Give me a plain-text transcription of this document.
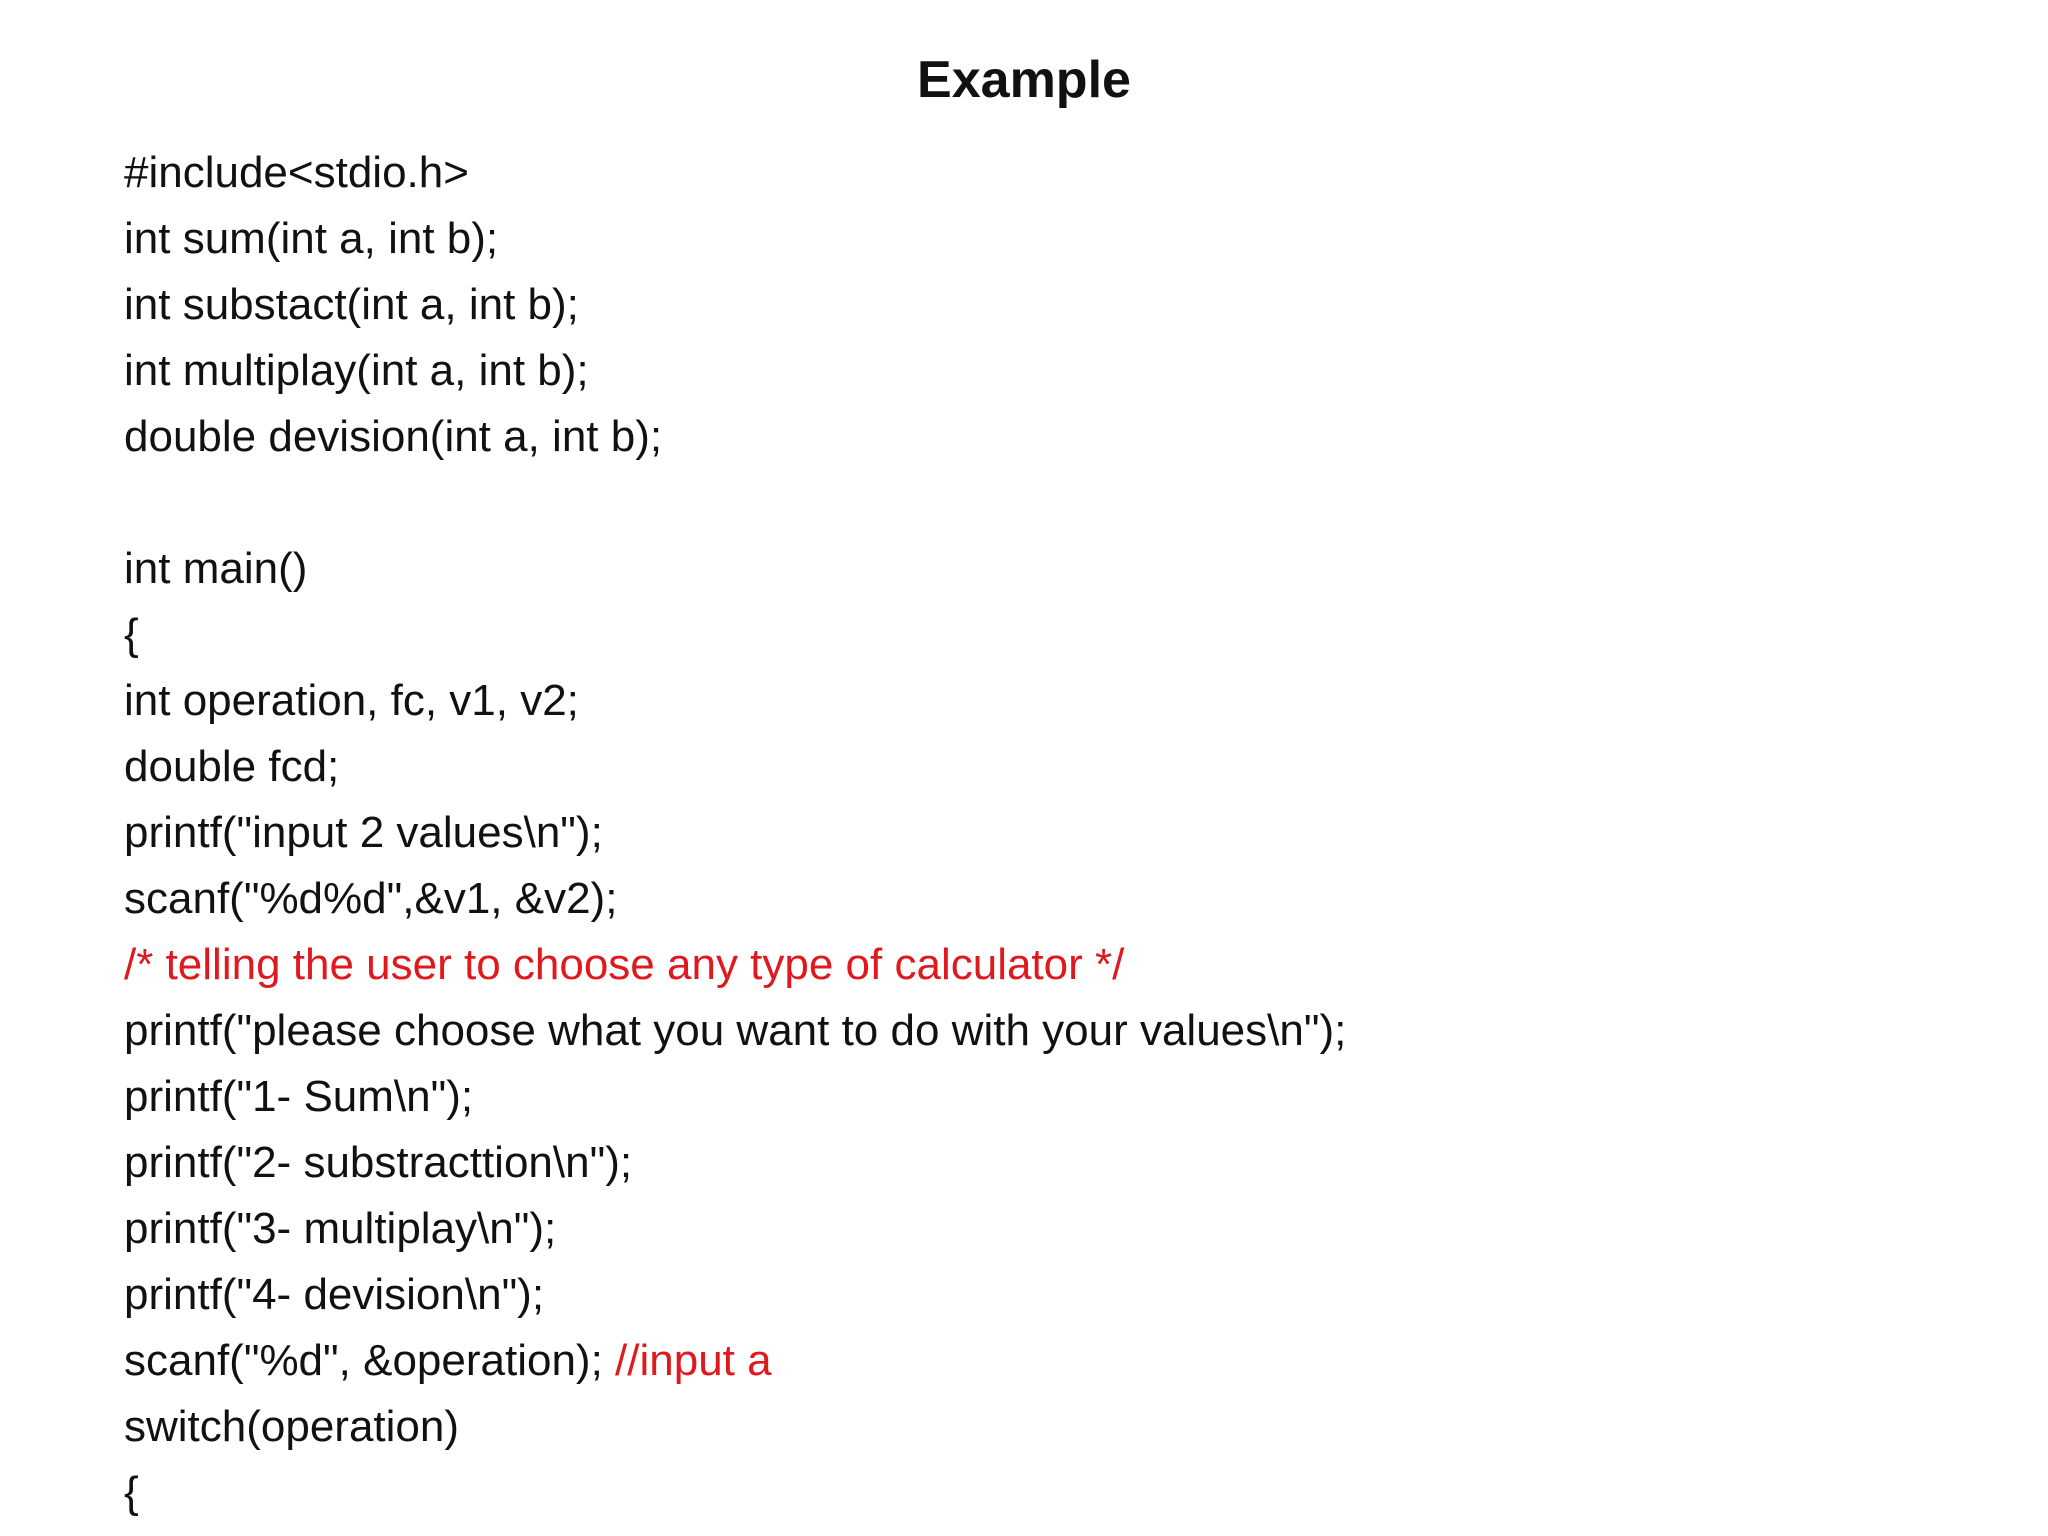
Example
#include<stdio.h>
int sum(int a, int b);
int substact(int a, int b);
int multiplay(int a, int b);
double devision(int a, int b);
int main()
{
int operation, fc, v1, v2;
double fcd;
printf("input 2 values\n");
scanf("%d%d",&v1, &v2);
/* telling the user to choose any type of calculator */
printf("please choose what you want to do with your values\n");
printf("1- Sum\n");
printf("2- substracttion\n");
printf("3- multiplay\n");
printf("4- devision\n");
scanf("%d", &operation); //input a
switch(operation)
{
